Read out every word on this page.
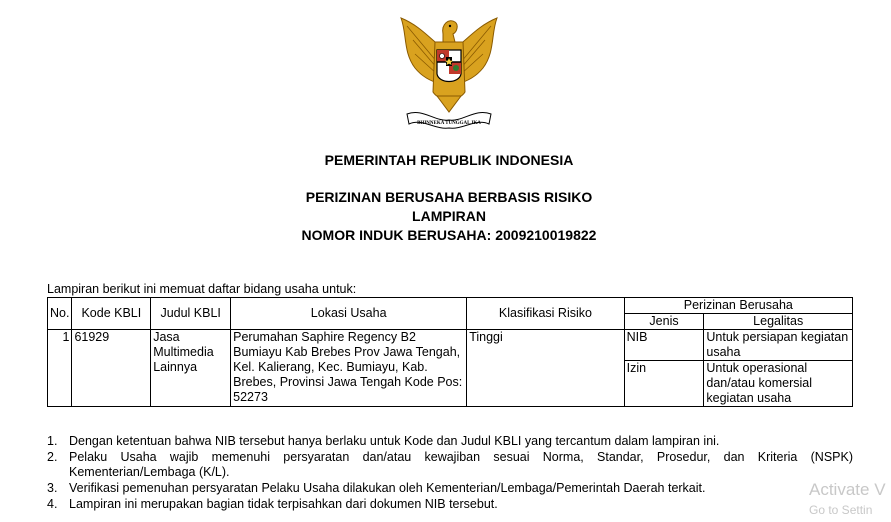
BHINNEKA TUNGGAL IKA
PEMERINTAH REPUBLIK INDONESIA
PERIZINAN BERUSAHA BERBASIS RISIKO
LAMPIRAN
NOMOR INDUK BERUSAHA: 2009210019822
Lampiran berikut ini memuat daftar bidang usaha untuk:
No.	Kode KBLI	Judul KBLI	Lokasi Usaha	Klasifikasi Risiko	Perizinan Berusaha	
					Jenis	Legalitas
1	61929	Jasa Multimedia Lainnya	Perumahan Saphire Regency B2 Bumiayu Kab Brebes Prov Jawa Tengah, Kel. Kalierang, Kec. Bumiayu, Kab. Brebes, Provinsi Jawa Tengah Kode Pos: 52273	Tinggi	NIB	Untuk persiapan kegiatan usaha
					Izin	Untuk operasional dan/atau komersial kegiatan usaha
1. Dengan ketentuan bahwa NIB tersebut hanya berlaku untuk Kode dan Judul KBLI yang tercantum dalam lampiran ini.
2. Pelaku Usaha wajib memenuhi persyaratan dan/atau kewajiban sesuai Norma, Standar, Prosedur, dan Kriteria (NSPK) Kementerian/Lembaga (K/L).
3. Verifikasi pemenuhan persyaratan Pelaku Usaha dilakukan oleh Kementerian/Lembaga/Pemerintah Daerah terkait.
4. Lampiran ini merupakan bagian tidak terpisahkan dari dokumen NIB tersebut.
Activate V
Go to Settin
